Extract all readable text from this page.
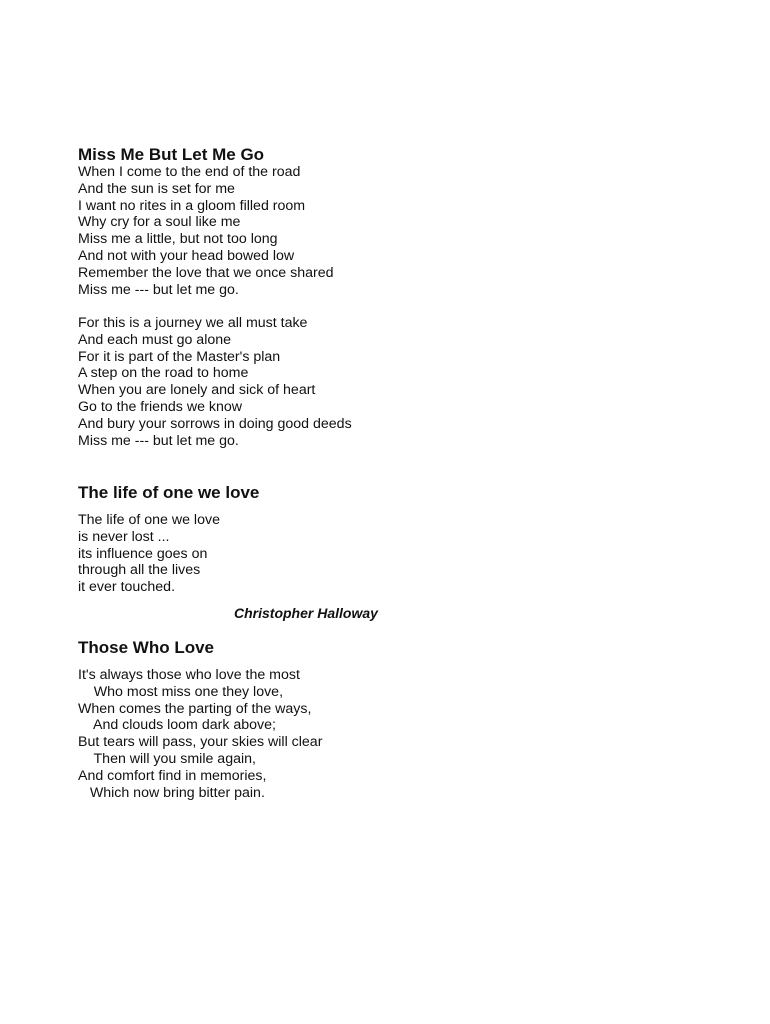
Miss Me But Let Me Go
When I come to the end of the road
And the sun is set for me
I want no rites in a gloom filled room
Why cry for a soul like me
Miss me a little, but not too long
And not with your head bowed low
Remember the love that we once shared
Miss me --- but let me go.
For this is a journey we all must take
And each must go alone
For it is part of the Master's plan
A step on the road to home
When you are lonely and sick of heart
Go to the friends we know
And bury your sorrows in doing good deeds
Miss me --- but let me go.
The life of one we love
The life of one we love
is never lost ...
its influence goes on
through all the lives
it ever touched.
Christopher Halloway
Those Who Love
It's always those who love the most
Who most miss one they love,
When comes the parting of the ways,
And clouds loom dark above;
But tears will pass, your skies will clear
Then will you smile again,
And comfort find in memories,
Which now bring bitter pain.
